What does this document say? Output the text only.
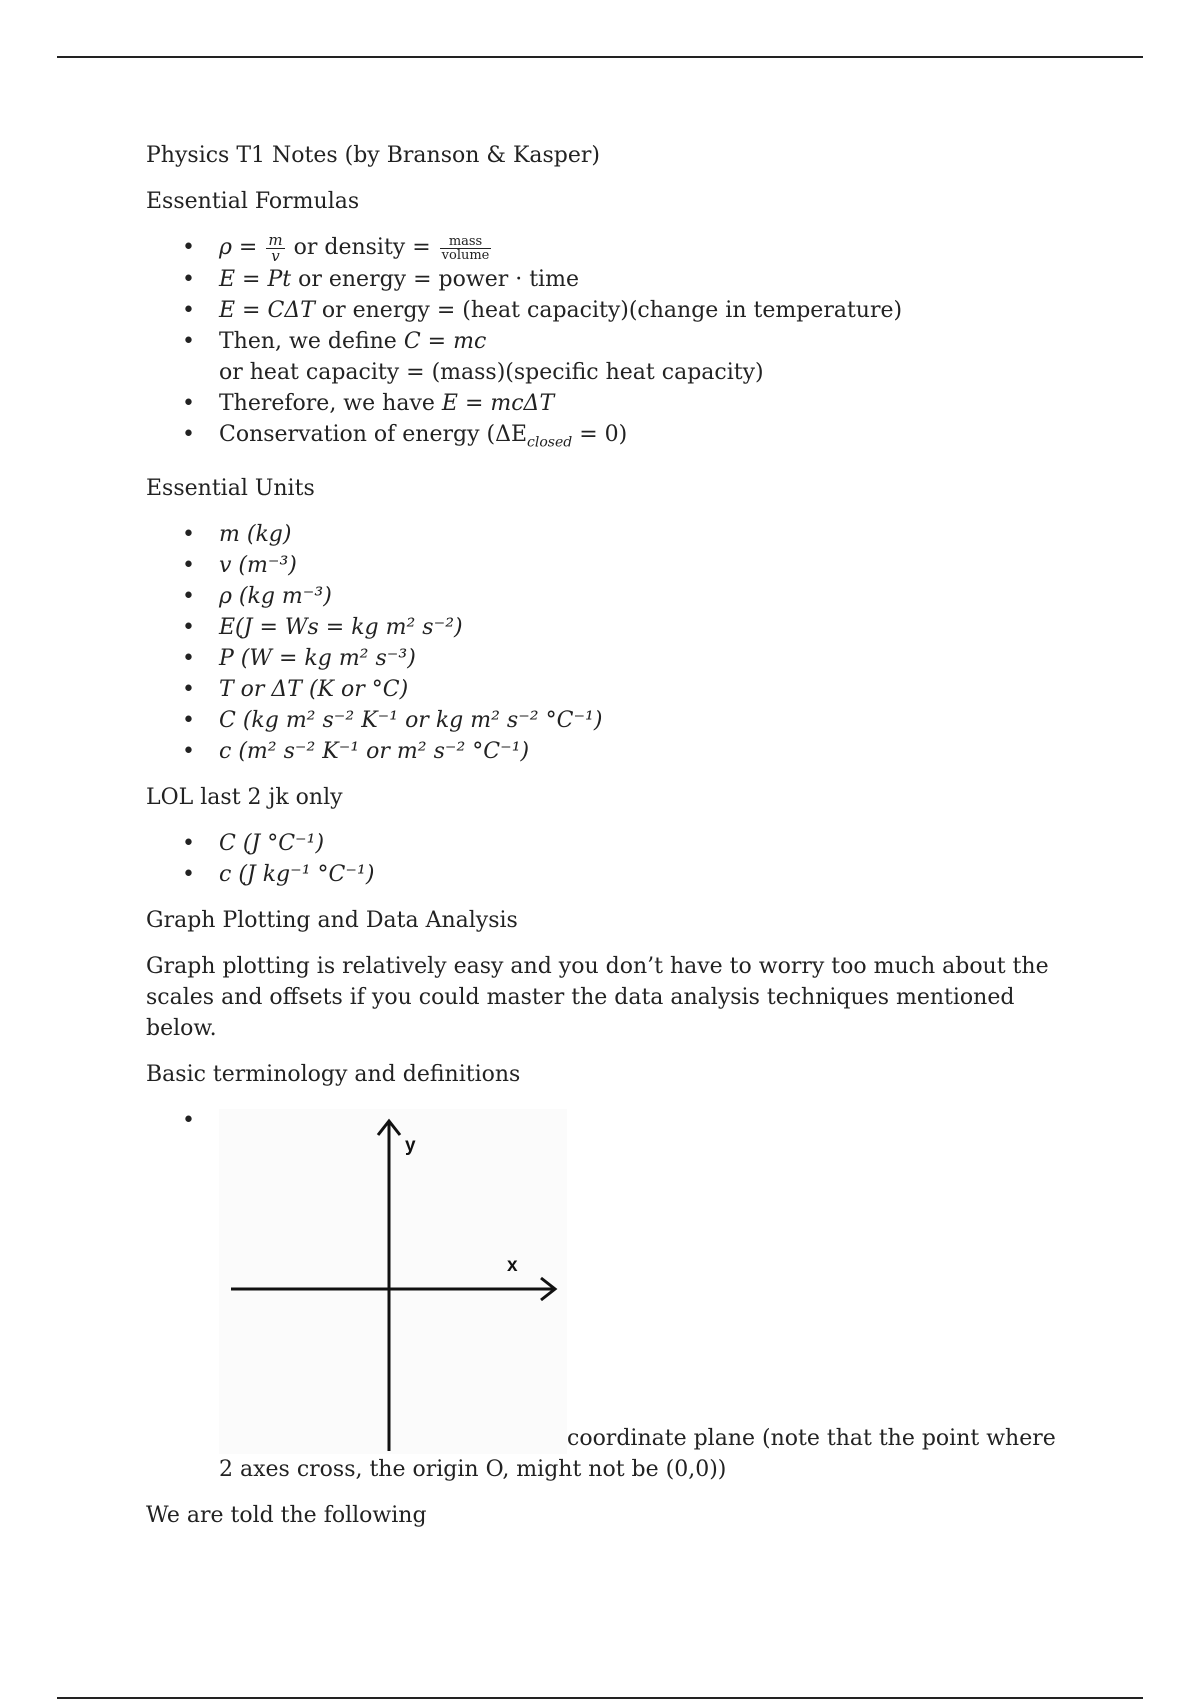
Physics T1 Notes (by Branson & Kasper)

Essential Formulas

• $\rho = \frac{m}{v}$ or density = $\frac{\text{mass}}{\text{volume}}$
• E = Pt or energy = power · time
• E = CΔT or energy = (heat capacity)(change in temperature)
• Then, we define C = mc
or heat capacity = (mass)(specific heat capacity)
• Therefore, we have E = mcΔT
• Conservation of energy $(\Delta E_{closed} = 0)$

Essential Units

• m (kg)
• v (m⁻³)
• ρ (kg m⁻³)
• E(J = Ws = kg m² s⁻²)
• P (W = kg m² s⁻³)
• T or ΔT (K or °C)
• C (kg m² s⁻² K⁻¹ or kg m² s⁻² °C⁻¹)
• c (m² s⁻² K⁻¹ or m² s⁻² °C⁻¹)

LOL last 2 jk only

• C (J °C⁻¹)
• c (J kg⁻¹ °C⁻¹)

Graph Plotting and Data Analysis

Graph plotting is relatively easy and you don’t have to worry too much about the scales and offsets if you could master the data analysis techniques mentioned below.

Basic terminology and definitions

• y
x
coordinate plane (note that the point where 2 axes cross, the origin O, might not be (0,0))

We are told the following
